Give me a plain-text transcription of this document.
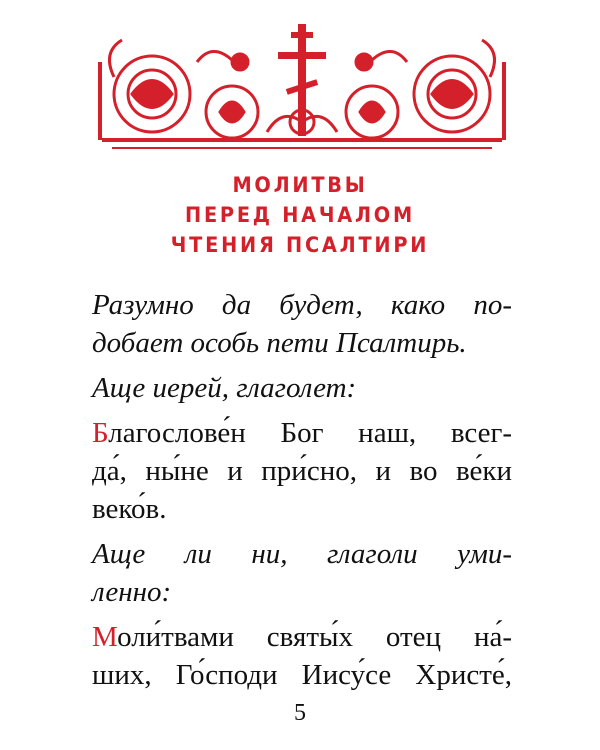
МОЛИТВЫ
ПЕРЕД НАЧАЛОМ
ЧТЕНИЯ ПСАЛТИРИ
Разумно да будет, како по-
добает особь пети Псалтирь.
Аще иерей, глаголет:
Благослове́н Бог наш, всег-
да́, ны́не и при́сно, и во ве́ки
веко́в.
Аще ли ни, глаголи уми-
ленно:
Моли́твами святы́х отец на́-
ших, Го́споди Иису́се Христе́,
5
